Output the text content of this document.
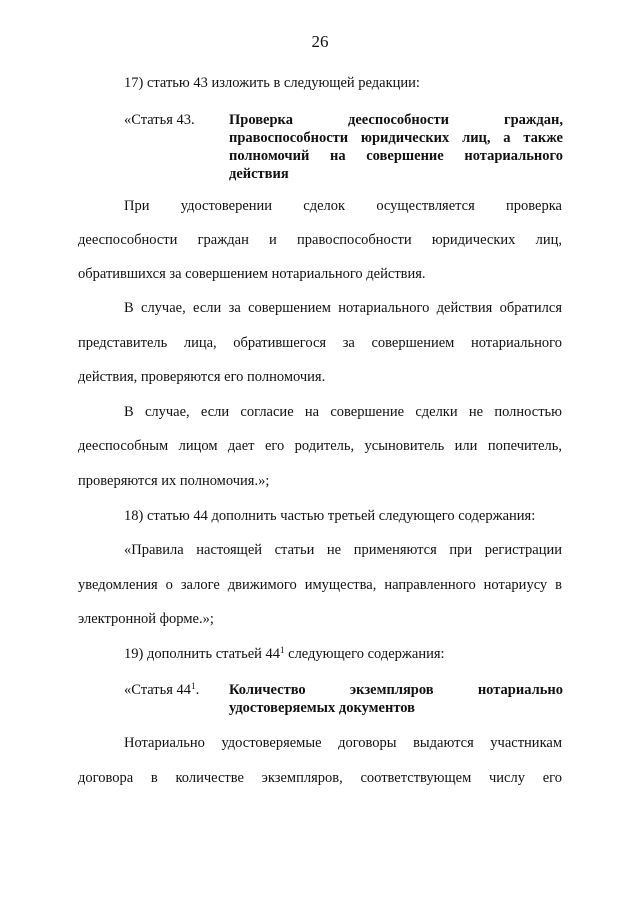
26
17) статью 43 изложить в следующей редакции:
«Статья 43. Проверка дееспособности граждан,
правоспособности юридических лиц, а также
полномочий на совершение нотариального
действия
При удостоверении сделок осуществляется проверка
дееспособности граждан и правоспособности юридических лиц,
обратившихся за совершением нотариального действия.
В случае, если за совершением нотариального действия обратился
представитель лица, обратившегося за совершением нотариального
действия, проверяются его полномочия.
В случае, если согласие на совершение сделки не полностью
дееспособным лицом дает его родитель, усыновитель или попечитель,
проверяются их полномочия.»;
18) статью 44 дополнить частью третьей следующего содержания:
«Правила настоящей статьи не применяются при регистрации
уведомления о залоге движимого имущества, направленного нотариусу в
электронной форме.»;
19) дополнить статьей $44^1$ следующего содержания:
«Статья $44^1$. Количество экземпляров нотариально
удостоверяемых документов
Нотариально удостоверяемые договоры выдаются участникам
договора в количестве экземпляров, соответствующем числу его
